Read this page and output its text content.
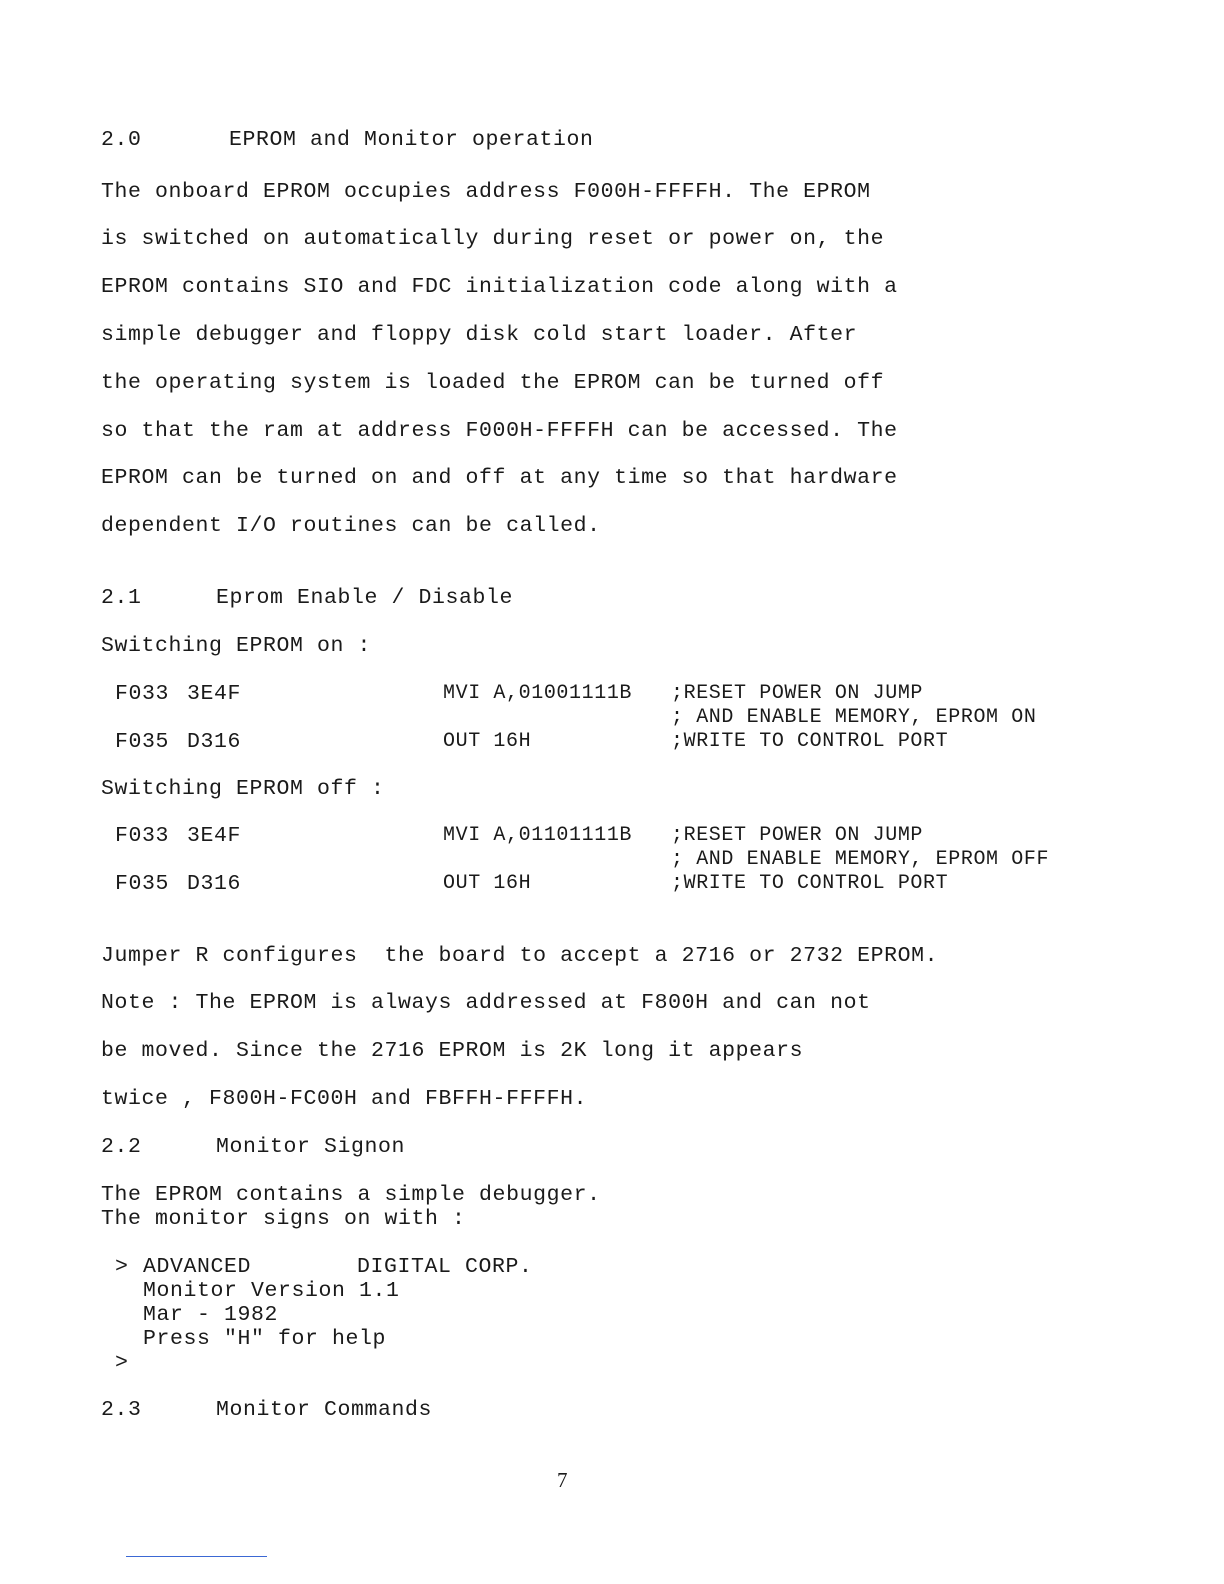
2.0	EPROM and Monitor operation
The onboard EPROM occupies address F000H-FFFFH. The EPROM
is switched on automatically during reset or power on, the
EPROM contains SIO and FDC initialization code along with a
simple debugger and floppy disk cold start loader. After
the operating system is loaded the EPROM can be turned off
so that the ram at address F000H-FFFFH can be accessed. The
EPROM can be turned on and off at any time so that hardware
dependent I/O routines can be called.
2.1	Eprom Enable / Disable
Switching EPROM on :
F033 3E4F	MVI A,01001111B ;RESET POWER ON JUMP
; AND ENABLE MEMORY, EPROM ON
F035 D316	OUT 16H	;WRITE TO CONTROL PORT
Switching EPROM off :
F033 3E4F	MVI A,01101111B ;RESET POWER ON JUMP
; AND ENABLE MEMORY, EPROM OFF
F035 D316	OUT 16H	;WRITE TO CONTROL PORT
Jumper R configures  the board to accept a 2716 or 2732 EPROM.
Note : The EPROM is always addressed at F800H and can not
be moved. Since the 2716 EPROM is 2K long it appears
twice , F800H-FC00H and FBFFH-FFFFH.
2.2	Monitor Signon
The EPROM contains a simple debugger.
The monitor signs on with :
> ADVANCED	DIGITAL CORP.
Monitor Version 1.1
Mar - 1982
Press "H" for help
>
2.3	Monitor Commands
7
